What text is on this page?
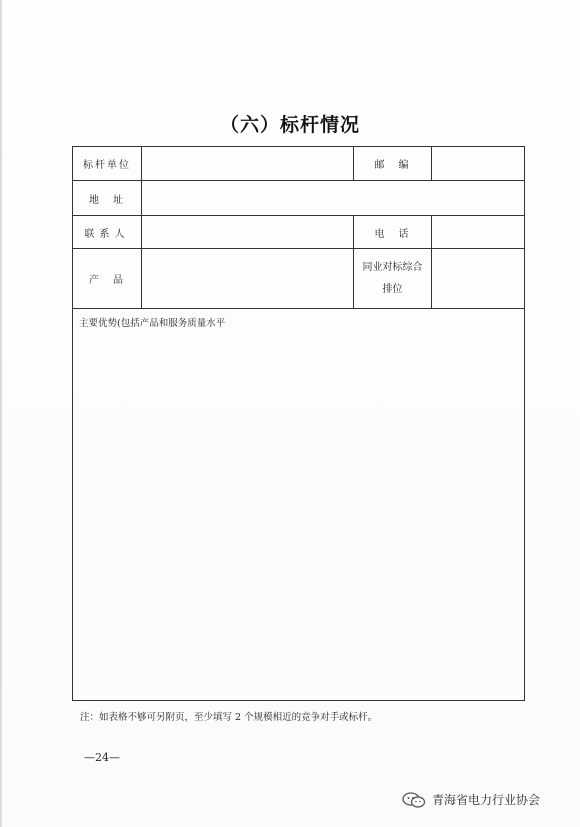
（六）标杆情况
标杆单位		邮　编	
地　址			
联系人		电　话	
产　品		同业对标综合
排位	

主要优势(包括产品和服务质量水平			
注：如表格不够可另附页，至少填写 2 个规模相近的竞争对手或标杆。
—24—
青海省电力行业协会
